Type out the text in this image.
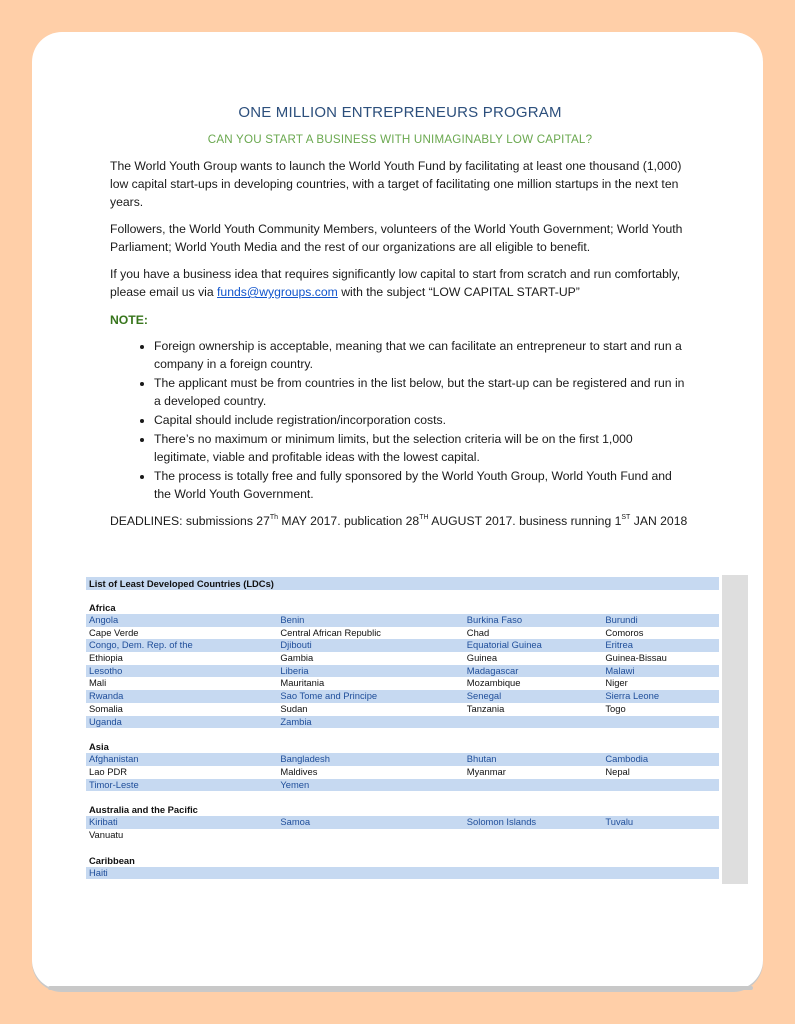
ONE MILLION ENTREPRENEURS PROGRAM
CAN YOU START A BUSINESS WITH UNIMAGINABLY LOW CAPITAL?

The World Youth Group wants to launch the World Youth Fund by facilitating at least one thousand (1,000) low capital start-ups in developing countries, with a target of facilitating one million startups in the next ten years.

Followers, the World Youth Community Members, volunteers of the World Youth Government; World Youth Parliament; World Youth Media and the rest of our organizations are all eligible to benefit.

If you have a business idea that requires significantly low capital to start from scratch and run comfortably, please email us via funds@wygroups.com with the subject “LOW CAPITAL START-UP”

NOTE:
• Foreign ownership is acceptable, meaning that we can facilitate an entrepreneur to start and run a company in a foreign country.
• The applicant must be from countries in the list below, but the start-up can be registered and run in a developed country.
• Capital should include registration/incorporation costs.
• There’s no maximum or minimum limits, but the selection criteria will be on the first 1,000 legitimate, viable and profitable ideas with the lowest capital.
• The process is totally free and fully sponsored by the World Youth Group, World Youth Fund and the World Youth Government.

DEADLINES: submissions 27Th MAY 2017. publication 28TH AUGUST 2017. business running 1ST JAN 2018

List of Least Developed Countries (LDCs)
Africa
Angola	Benin	Burkina Faso	Burundi
Cape Verde	Central African Republic	Chad	Comoros
Congo, Dem. Rep. of the	Djibouti	Equatorial Guinea	Eritrea
Ethiopia	Gambia	Guinea	Guinea-Bissau
Lesotho	Liberia	Madagascar	Malawi
Mali	Mauritania	Mozambique	Niger
Rwanda	Sao Tome and Principe	Senegal	Sierra Leone
Somalia	Sudan	Tanzania	Togo
Uganda	Zambia
Asia
Afghanistan	Bangladesh	Bhutan	Cambodia
Lao PDR	Maldives	Myanmar	Nepal
Timor-Leste	Yemen
Australia and the Pacific
Kiribati	Samoa	Solomon Islands	Tuvalu
Vanuatu
Caribbean
Haiti
